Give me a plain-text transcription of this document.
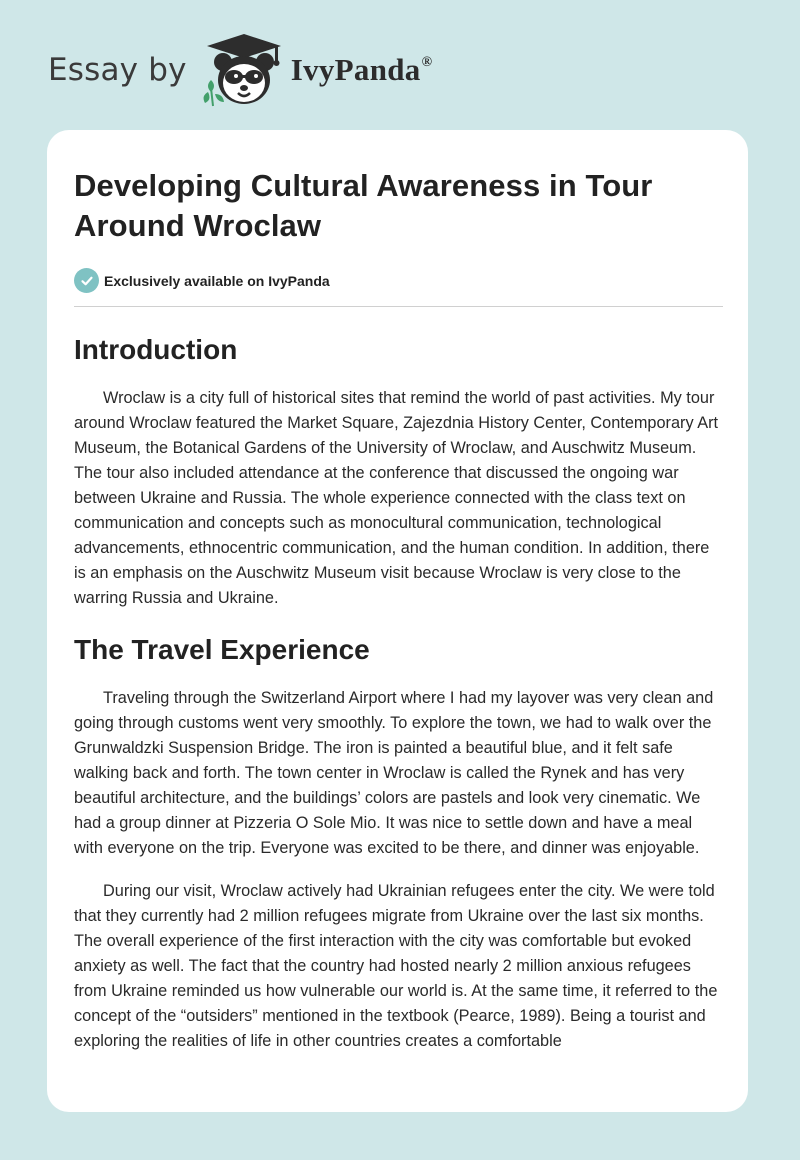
Essay by	IvyPanda®
Developing Cultural Awareness in Tour Around Wroclaw
Exclusively available on IvyPanda
Introduction

Wroclaw is a city full of historical sites that remind the world of past activities. My tour around Wroclaw featured the Market Square, Zajezdnia History Center, Contemporary Art Museum, the Botanical Gardens of the University of Wroclaw, and Auschwitz Museum. The tour also included attendance at the conference that discussed the ongoing war between Ukraine and Russia. The whole experience connected with the class text on communication and concepts such as monocultural communication, technological advancements, ethnocentric communication, and the human condition. In addition, there is an emphasis on the Auschwitz Museum visit because Wroclaw is very close to the warring Russia and Ukraine.

The Travel Experience

Traveling through the Switzerland Airport where I had my layover was very clean and going through customs went very smoothly. To explore the town, we had to walk over the Grunwaldzki Suspension Bridge. The iron is painted a beautiful blue, and it felt safe walking back and forth. The town center in Wroclaw is called the Rynek and has very beautiful architecture, and the buildings’ colors are pastels and look very cinematic. We had a group dinner at Pizzeria O Sole Mio. It was nice to settle down and have a meal with everyone on the trip. Everyone was excited to be there, and dinner was enjoyable.

During our visit, Wroclaw actively had Ukrainian refugees enter the city. We were told that they currently had 2 million refugees migrate from Ukraine over the last six months. The overall experience of the first interaction with the city was comfortable but evoked anxiety as well. The fact that the country had hosted nearly 2 million anxious refugees from Ukraine reminded us how vulnerable our world is. At the same time, it referred to the concept of the “outsiders” mentioned in the textbook (Pearce, 1989). Being a tourist and exploring the realities of life in other countries creates a comfortable
